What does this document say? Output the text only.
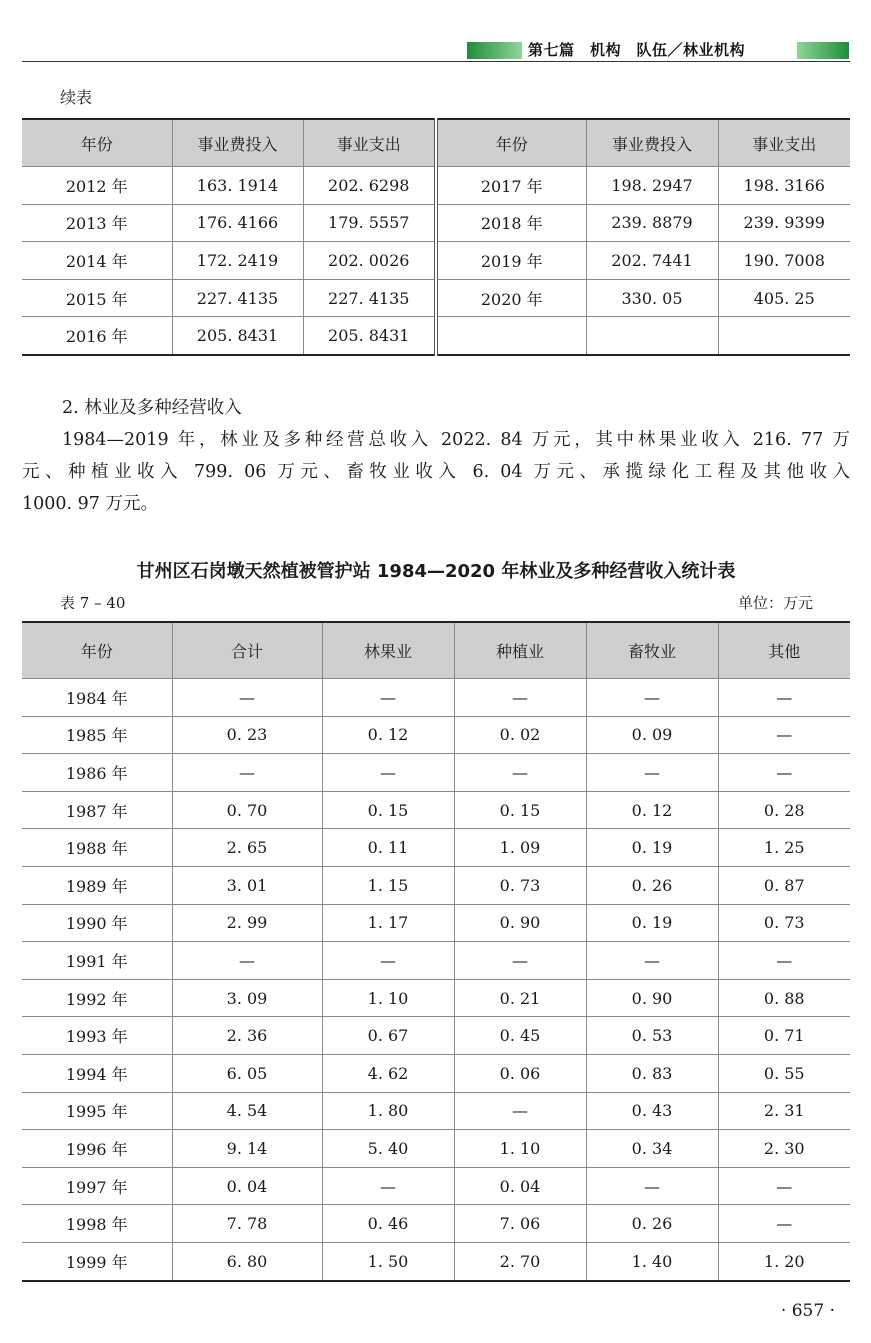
第七篇　机构　队伍／林业机构
续表
年份	事业费投入	事业支出	年份	事业费投入	事业支出
2012 年	163. 1914	202. 6298	2017 年	198. 2947	198. 3166
2013 年	176. 4166	179. 5557	2018 年	239. 8879	239. 9399
2014 年	172. 2419	202. 0026	2019 年	202. 7441	190. 7008
2015 年	227. 4135	227. 4135	2020 年	330. 05	405. 25
2016 年	205. 8431	205. 8431			
2. 林业及多种经营收入
1984—2019 年，林业及多种经营总收入 2022. 84 万元，其中林果业收入 216. 77 万
元、种植业收入 799. 06 万元、畜牧业收入 6. 04 万元、承揽绿化工程及其他收入
1000. 97 万元。
甘州区石岗墩天然植被管护站 1984—2020 年林业及多种经营收入统计表
表 7 – 40	单位：万元
年份	合计	林果业	种植业	畜牧业	其他
1984 年	—	—	—	—	—
1985 年	0. 23	0. 12	0. 02	0. 09	—
1986 年	—	—	—	—	—
1987 年	0. 70	0. 15	0. 15	0. 12	0. 28
1988 年	2. 65	0. 11	1. 09	0. 19	1. 25
1989 年	3. 01	1. 15	0. 73	0. 26	0. 87
1990 年	2. 99	1. 17	0. 90	0. 19	0. 73
1991 年	—	—	—	—	—
1992 年	3. 09	1. 10	0. 21	0. 90	0. 88
1993 年	2. 36	0. 67	0. 45	0. 53	0. 71
1994 年	6. 05	4. 62	0. 06	0. 83	0. 55
1995 年	4. 54	1. 80	—	0. 43	2. 31
1996 年	9. 14	5. 40	1. 10	0. 34	2. 30
1997 年	0. 04	—	0. 04	—	—
1998 年	7. 78	0. 46	7. 06	0. 26	—
1999 年	6. 80	1. 50	2. 70	1. 40	1. 20
· 657 ·
